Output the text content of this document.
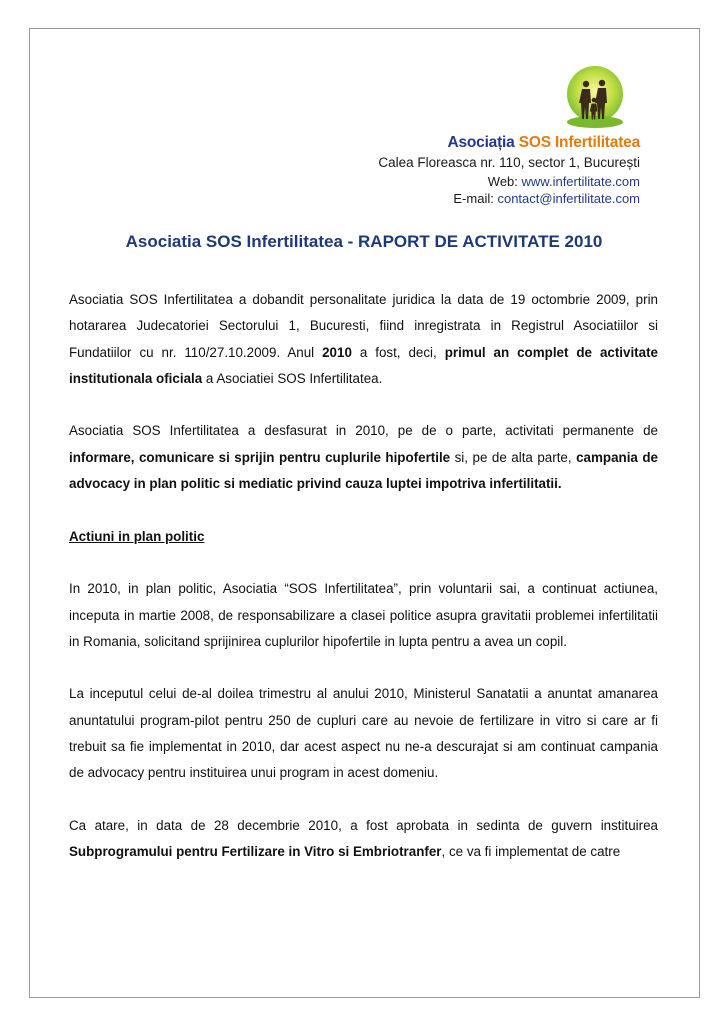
Asociația SOS Infertilitatea
Calea Floreasca nr. 110, sector 1, București
Web: www.infertilitate.com
E-mail: contact@infertilitate.com
Asociatia SOS Infertilitatea - RAPORT DE ACTIVITATE 2010

Asociatia SOS Infertilitatea a dobandit personalitate juridica la data de 19 octombrie 2009, prin hotararea Judecatoriei Sectorului 1, Bucuresti, fiind inregistrata in Registrul Asociatiilor si Fundatiilor cu nr. 110/27.10.2009. Anul 2010 a fost, deci, primul an complet de activitate institutionala oficiala a Asociatiei SOS Infertilitatea.

Asociatia SOS Infertilitatea a desfasurat in 2010, pe de o parte, activitati permanente de informare, comunicare si sprijin pentru cuplurile hipofertile si, pe de alta parte, campania de advocacy in plan politic si mediatic privind cauza luptei impotriva infertilitatii.

Actiuni in plan politic

In 2010, in plan politic, Asociatia “SOS Infertilitatea”, prin voluntarii sai, a continuat actiunea, inceputa in martie 2008, de responsabilizare a clasei politice asupra gravitatii problemei infertilitatii in Romania, solicitand sprijinirea cuplurilor hipofertile in lupta pentru a avea un copil.

La inceputul celui de-al doilea trimestru al anului 2010, Ministerul Sanatatii a anuntat amanarea anuntatului program-pilot pentru 250 de cupluri care au nevoie de fertilizare in vitro si care ar fi trebuit sa fie implementat in 2010, dar acest aspect nu ne-a descurajat si am continuat campania de advocacy pentru instituirea unui program in acest domeniu.

Ca atare, in data de 28 decembrie 2010, a fost aprobata in sedinta de guvern instituirea Subprogramului pentru Fertilizare in Vitro si Embriotranfer, ce va fi implementat de catre
